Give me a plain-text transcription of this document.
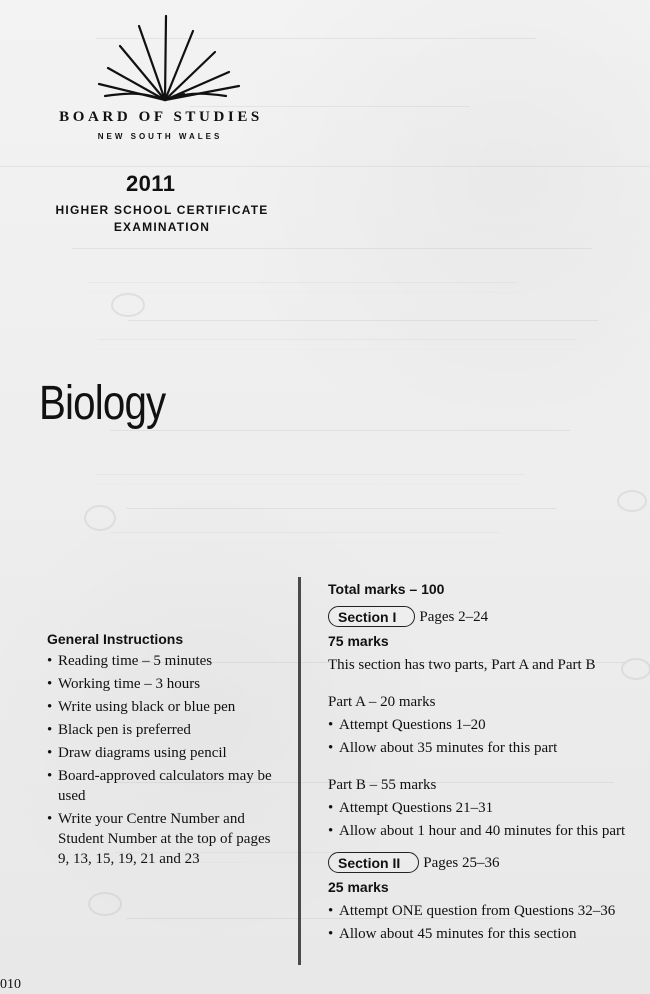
BOARD OF STUDIES
NEW SOUTH WALES
2011
HIGHER SCHOOL CERTIFICATE
EXAMINATION
Biology
General Instructions
• Reading time – 5 minutes
• Working time – 3 hours
• Write using black or blue pen
• Black pen is preferred
• Draw diagrams using pencil
• Board-approved calculators may be used
• Write your Centre Number and Student Number at the top of pages 9, 13, 15, 19, 21 and 23
Total marks – 100
Section I	Pages 2–24
75 marks

This section has two parts, Part A and Part B

Part A – 20 marks

• Attempt Questions 1–20
• Allow about 35 minutes for this part

Part B – 55 marks

• Attempt Questions 21–31
• Allow about 1 hour and 40 minutes for this part
Section II	Pages 25–36
25 marks
• Attempt ONE question from Questions 32–36
• Allow about 45 minutes for this section
010
